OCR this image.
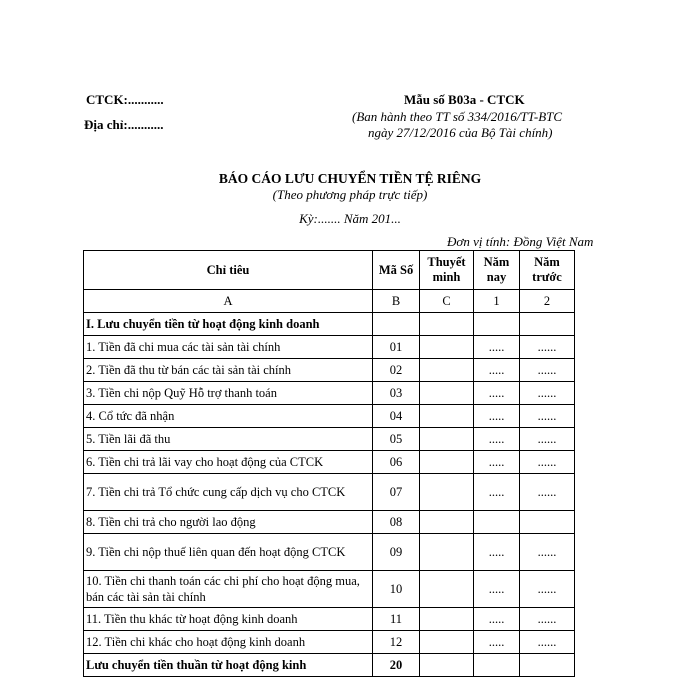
CTCK:...........
Địa chỉ:...........
Mẫu số B03a - CTCK
(Ban hành theo TT số 334/2016/TT-BTC
ngày 27/12/2016 của Bộ Tài chính)
BÁO CÁO LƯU CHUYỂN TIỀN TỆ RIÊNG
(Theo phương pháp trực tiếp)
Kỳ:....... Năm 201...
Đơn vị tính: Đồng Việt Nam
Chỉ tiêu	Mã Số	Thuyết minh	Năm nay	Năm trước
A	B	C	1	2
I. Lưu chuyển tiền từ hoạt động kinh doanh				
1. Tiền đã chi mua các tài sản tài chính	01		.....	......
2. Tiền đã thu từ bán các tài sản tài chính	02		.....	......
3. Tiền chi nộp Quỹ Hỗ trợ thanh toán	03		.....	......
4. Cổ tức đã nhận	04		.....	......
5. Tiền lãi đã thu	05		.....	......
6. Tiền chi trả lãi vay cho hoạt động của CTCK	06		.....	......
7. Tiền chi trả Tổ chức cung cấp dịch vụ cho CTCK	07		.....	......
8. Tiền chi trả cho người lao động	08			
9. Tiền chi nộp thuế liên quan đến hoạt động CTCK	09		.....	......
10. Tiền chi thanh toán các chi phí cho hoạt động mua, bán các tài sản tài chính	10		.....	......
11. Tiền thu khác từ hoạt động kinh doanh	11		.....	......
12. Tiền chi khác cho hoạt động kinh doanh	12		.....	......
Lưu chuyển tiền thuần từ hoạt động kinh	20			
